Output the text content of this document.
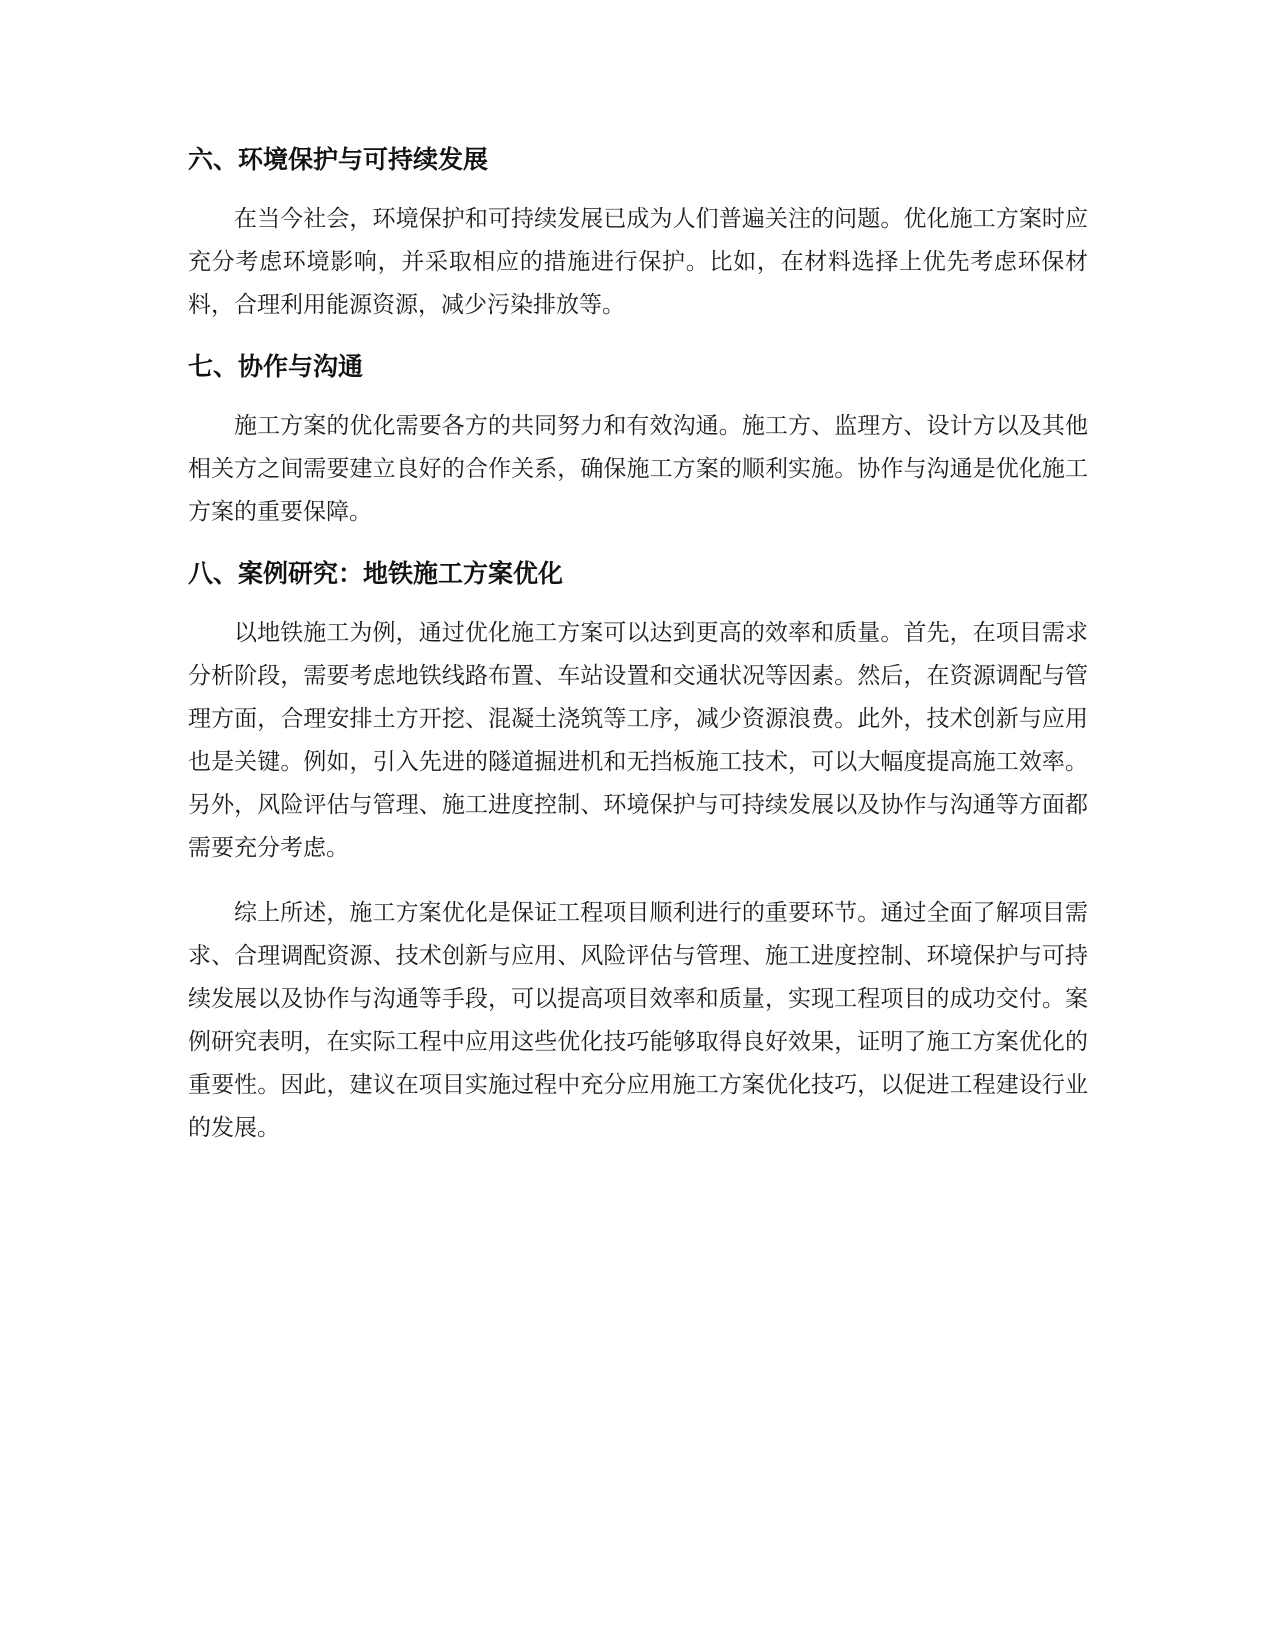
六、环境保护与可持续发展

在当今社会，环境保护和可持续发展已成为人们普遍关注的问题。优化施工方案时应充分考虑环境影响，并采取相应的措施进行保护。比如，在材料选择上优先考虑环保材料，合理利用能源资源，减少污染排放等。

七、协作与沟通

施工方案的优化需要各方的共同努力和有效沟通。施工方、监理方、设计方以及其他相关方之间需要建立良好的合作关系，确保施工方案的顺利实施。协作与沟通是优化施工方案的重要保障。

八、案例研究：地铁施工方案优化

以地铁施工为例，通过优化施工方案可以达到更高的效率和质量。首先，在项目需求分析阶段，需要考虑地铁线路布置、车站设置和交通状况等因素。然后，在资源调配与管理方面，合理安排土方开挖、混凝土浇筑等工序，减少资源浪费。此外，技术创新与应用也是关键。例如，引入先进的隧道掘进机和无挡板施工技术，可以大幅度提高施工效率。另外，风险评估与管理、施工进度控制、环境保护与可持续发展以及协作与沟通等方面都需要充分考虑。

综上所述，施工方案优化是保证工程项目顺利进行的重要环节。通过全面了解项目需求、合理调配资源、技术创新与应用、风险评估与管理、施工进度控制、环境保护与可持续发展以及协作与沟通等手段，可以提高项目效率和质量，实现工程项目的成功交付。案例研究表明，在实际工程中应用这些优化技巧能够取得良好效果，证明了施工方案优化的重要性。因此，建议在项目实施过程中充分应用施工方案优化技巧，以促进工程建设行业的发展。
